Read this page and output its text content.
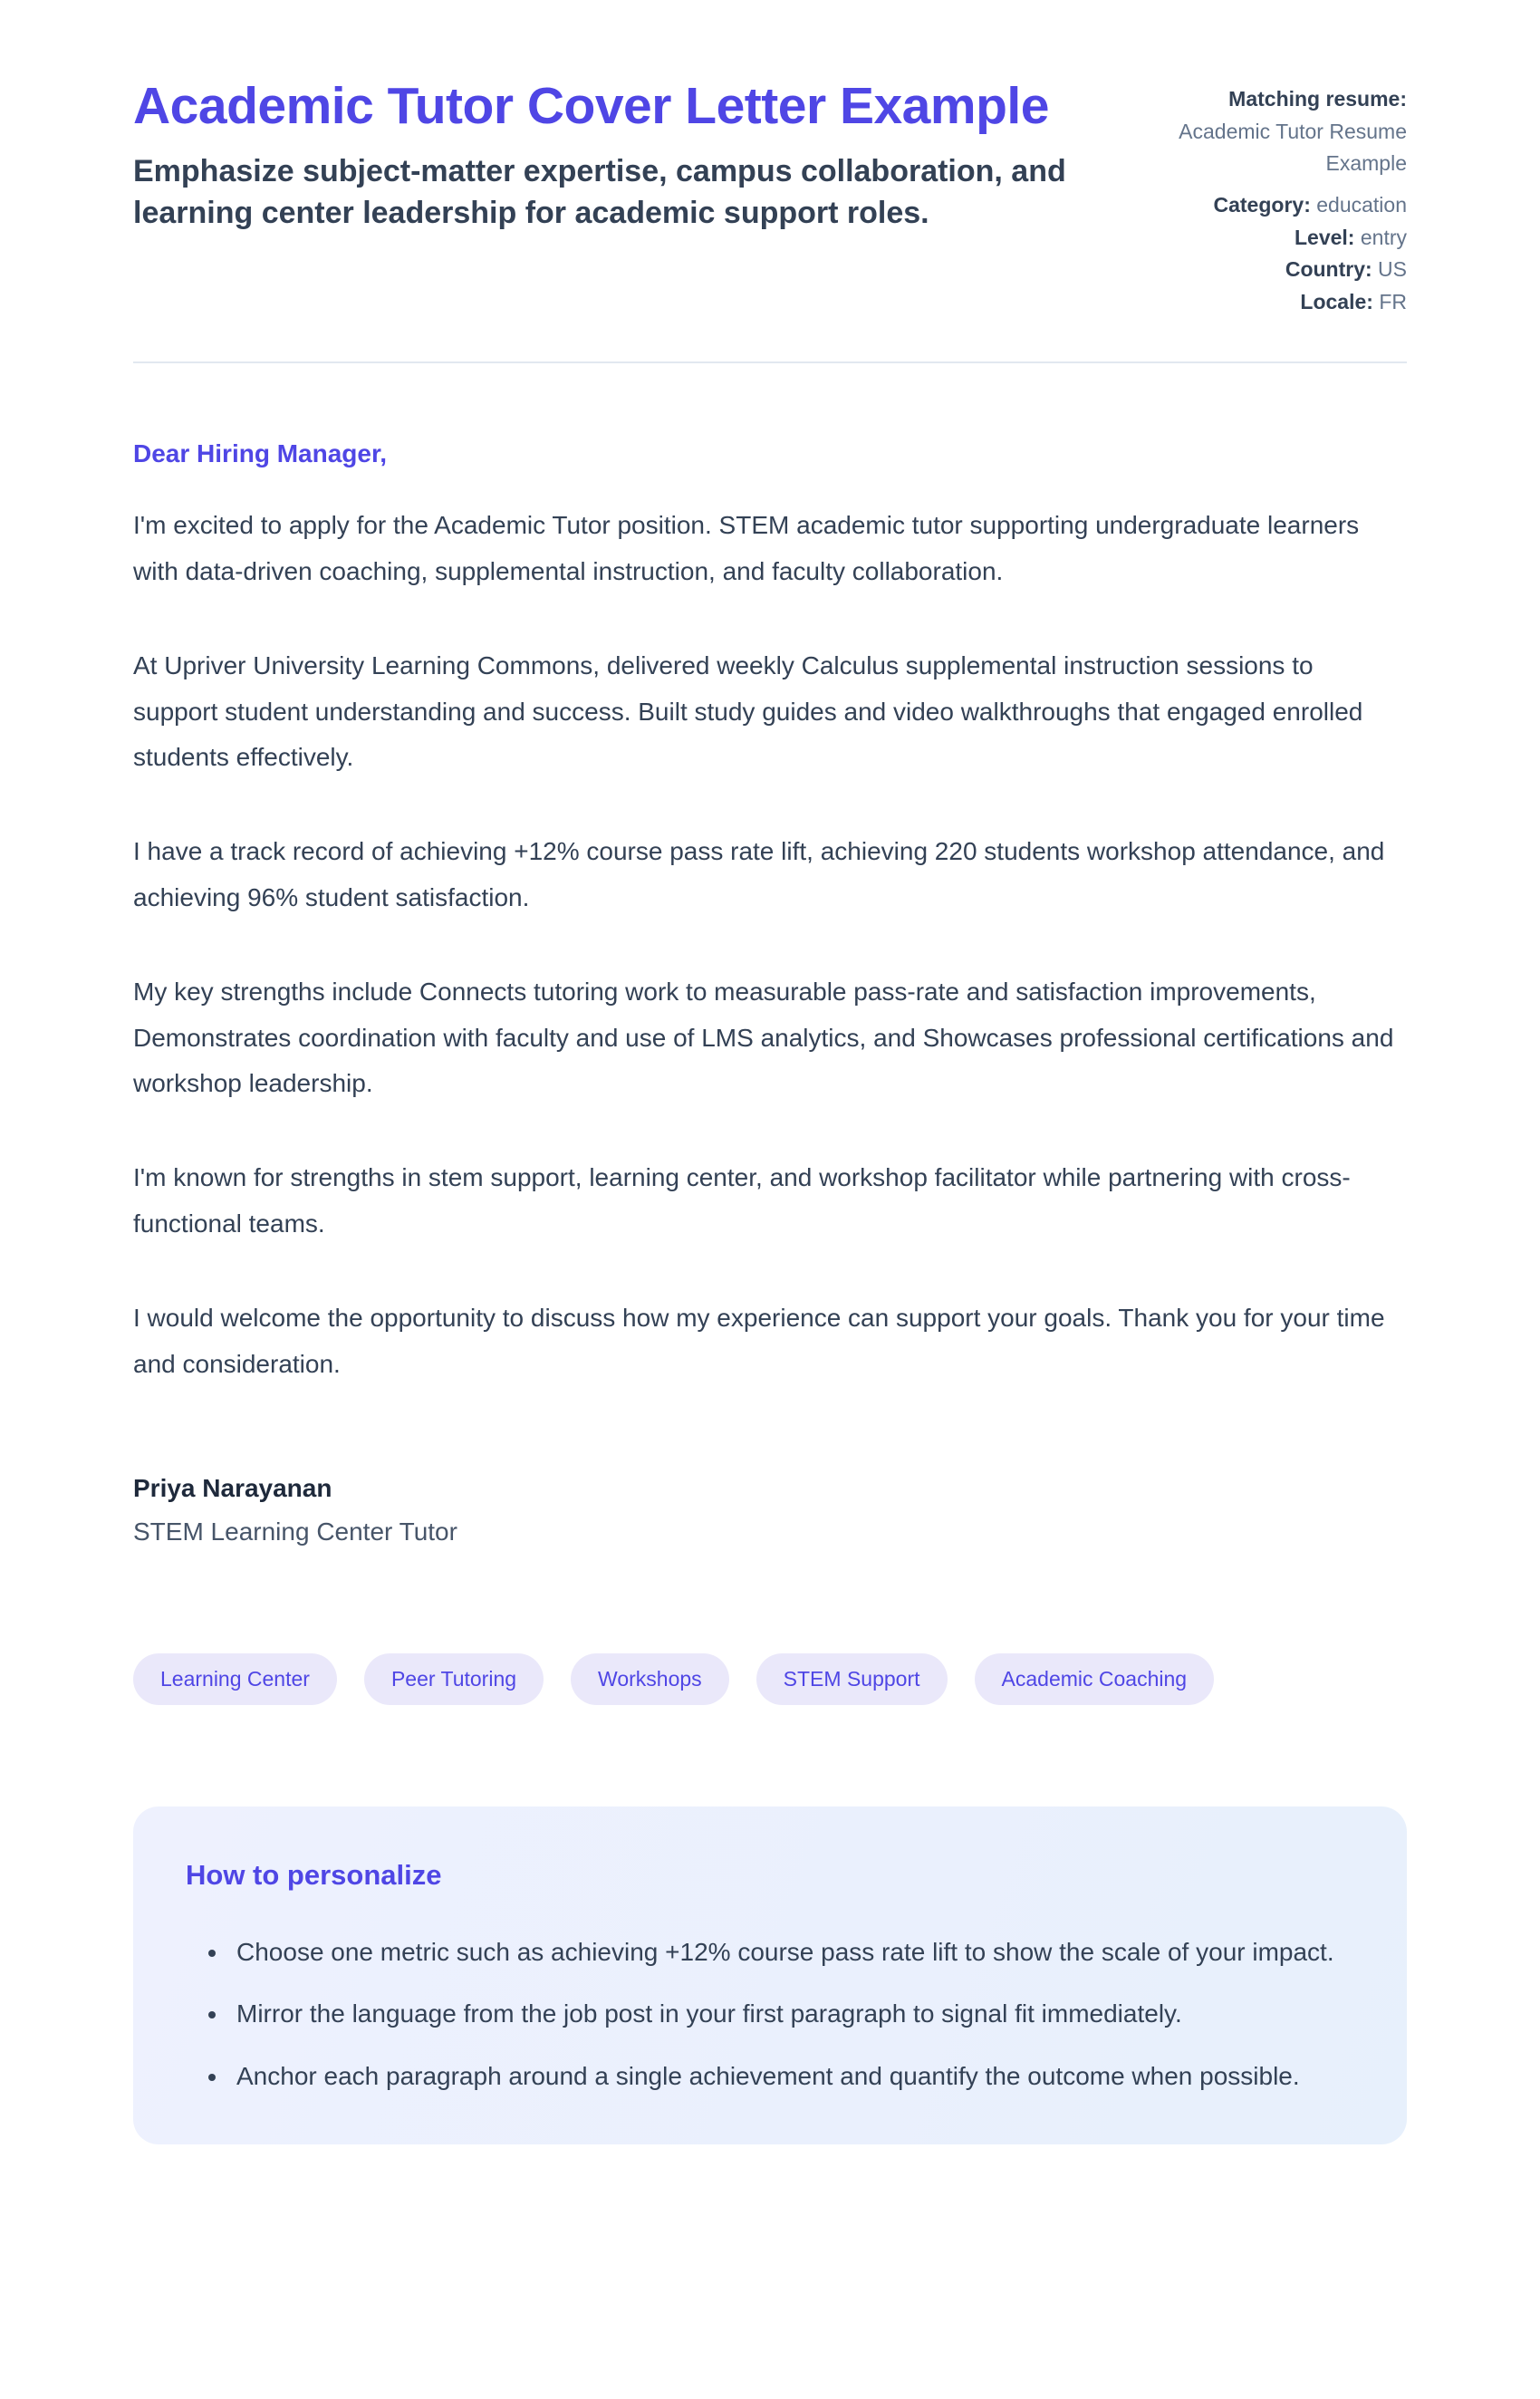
Academic Tutor Cover Letter Example

Emphasize subject-matter expertise, campus collaboration, and learning center leadership for academic support roles.

Matching resume:
Academic Tutor Resume Example
Category: education
Level: entry
Country: US
Locale: FR

Dear Hiring Manager,

I'm excited to apply for the Academic Tutor position. STEM academic tutor supporting undergraduate learners with data-driven coaching, supplemental instruction, and faculty collaboration.

At Upriver University Learning Commons, delivered weekly Calculus supplemental instruction sessions to support student understanding and success. Built study guides and video walkthroughs that engaged enrolled students effectively.

I have a track record of achieving +12% course pass rate lift, achieving 220 students workshop attendance, and achieving 96% student satisfaction.

My key strengths include Connects tutoring work to measurable pass-rate and satisfaction improvements, Demonstrates coordination with faculty and use of LMS analytics, and Showcases professional certifications and workshop leadership.

I'm known for strengths in stem support, learning center, and workshop facilitator while partnering with cross-functional teams.

I would welcome the opportunity to discuss how my experience can support your goals. Thank you for your time and consideration.

Priya Narayanan

STEM Learning Center Tutor

Learning Center	Peer Tutoring	Workshops	STEM Support	Academic Coaching
How to personalize
• Choose one metric such as achieving +12% course pass rate lift to show the scale of your impact.
• Mirror the language from the job post in your first paragraph to signal fit immediately.
• Anchor each paragraph around a single achievement and quantify the outcome when possible.
